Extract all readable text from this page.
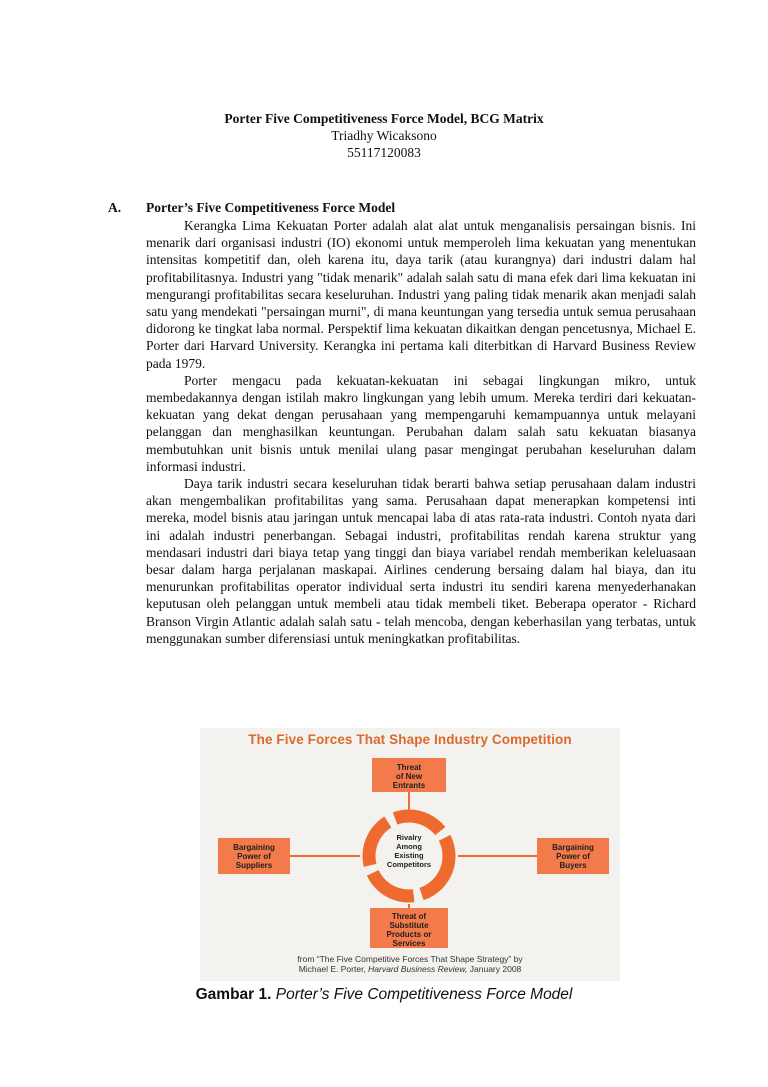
Porter Five Competitiveness Force Model, BCG Matrix
Triadhy Wicaksono
55117120083
A. Porter’s Five Competitiveness Force Model

Kerangka Lima Kekuatan Porter adalah alat alat untuk menganalisis persaingan bisnis. Ini menarik dari organisasi industri (IO) ekonomi untuk memperoleh lima kekuatan yang menentukan intensitas kompetitif dan, oleh karena itu, daya tarik (atau kurangnya) dari industri dalam hal profitabilitasnya. Industri yang "tidak menarik" adalah salah satu di mana efek dari lima kekuatan ini mengurangi profitabilitas secara keseluruhan. Industri yang paling tidak menarik akan menjadi salah satu yang mendekati "persaingan murni", di mana keuntungan yang tersedia untuk semua perusahaan didorong ke tingkat laba normal. Perspektif lima kekuatan dikaitkan dengan pencetusnya, Michael E. Porter dari Harvard University. Kerangka ini pertama kali diterbitkan di Harvard Business Review pada 1979.

Porter mengacu pada kekuatan-kekuatan ini sebagai lingkungan mikro, untuk membedakannya dengan istilah makro lingkungan yang lebih umum. Mereka terdiri dari kekuatan-kekuatan yang dekat dengan perusahaan yang mempengaruhi kemampuannya untuk melayani pelanggan dan menghasilkan keuntungan. Perubahan dalam salah satu kekuatan biasanya membutuhkan unit bisnis untuk menilai ulang pasar mengingat perubahan keseluruhan dalam informasi industri.

Daya tarik industri secara keseluruhan tidak berarti bahwa setiap perusahaan dalam industri akan mengembalikan profitabilitas yang sama. Perusahaan dapat menerapkan kompetensi inti mereka, model bisnis atau jaringan untuk mencapai laba di atas rata-rata industri. Contoh nyata dari ini adalah industri penerbangan. Sebagai industri, profitabilitas rendah karena struktur yang mendasari industri dari biaya tetap yang tinggi dan biaya variabel rendah memberikan keleluasaan besar dalam harga perjalanan maskapai. Airlines cenderung bersaing dalam hal biaya, dan itu menurunkan profitabilitas operator individual serta industri itu sendiri karena menyederhanakan keputusan oleh pelanggan untuk membeli atau tidak membeli tiket. Beberapa operator - Richard Branson Virgin Atlantic adalah salah satu - telah mencoba, dengan keberhasilan yang terbatas, untuk menggunakan sumber diferensiasi untuk meningkatkan profitabilitas.

The Five Forces That Shape Industry Competition
Threat
of New
Entrants
Bargaining
Power of
Suppliers
Bargaining
Power of
Buyers
Rivalry
Among
Existing
Competitors
Threat of
Substitute
Products or
Services
from “The Five Competitive Forces That Shape Strategy” by
Michael E. Porter, Harvard Business Review, January 2008
Gambar 1. Porter’s Five Competitiveness Force Model
